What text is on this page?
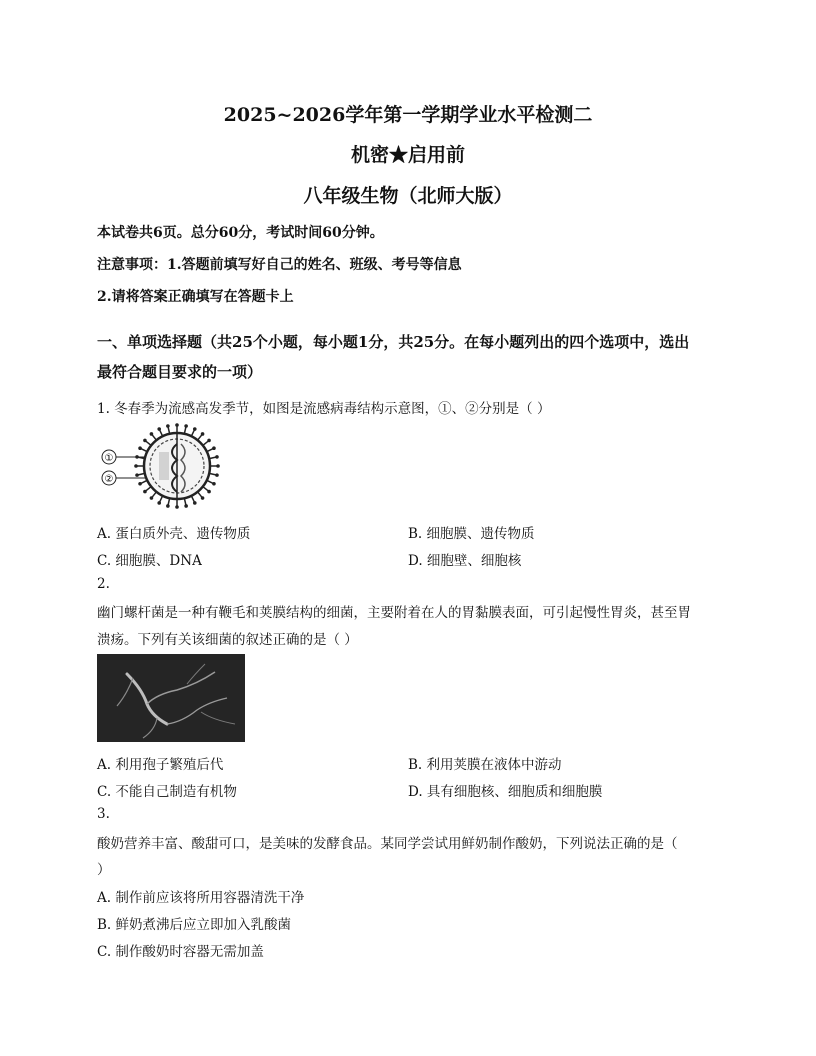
2025~2026学年第一学期学业水平检测二
机密★启用前
八年级生物（北师大版）
本试卷共6页。总分60分，考试时间60分钟。
注意事项：1.答题前填写好自己的姓名、班级、考号等信息
2.请将答案正确填写在答题卡上
一、单项选择题（共25个小题，每小题1分，共25分。在每小题列出的四个选项中，选出
最符合题目要求的一项）
1. 冬春季为流感高发季节，如图是流感病毒结构示意图，①、②分别是（ ）
①
②
A. 蛋白质外壳、遗传物质	B. 细胞膜、遗传物质
C. 细胞膜、DNA	D. 细胞壁、细胞核
2.
幽门螺杆菌是一种有鞭毛和荚膜结构的细菌，主要附着在人的胃黏膜表面，可引起慢性胃炎，甚至胃
溃疡。下列有关该细菌的叙述正确的是（ ）
A. 利用孢子繁殖后代	B. 利用荚膜在液体中游动
C. 不能自己制造有机物	D. 具有细胞核、细胞质和细胞膜
3.
酸奶营养丰富、酸甜可口，是美味的发酵食品。某同学尝试用鲜奶制作酸奶，下列说法正确的是（
）
A. 制作前应该将所用容器清洗干净
B. 鲜奶煮沸后应立即加入乳酸菌
C. 制作酸奶时容器无需加盖
